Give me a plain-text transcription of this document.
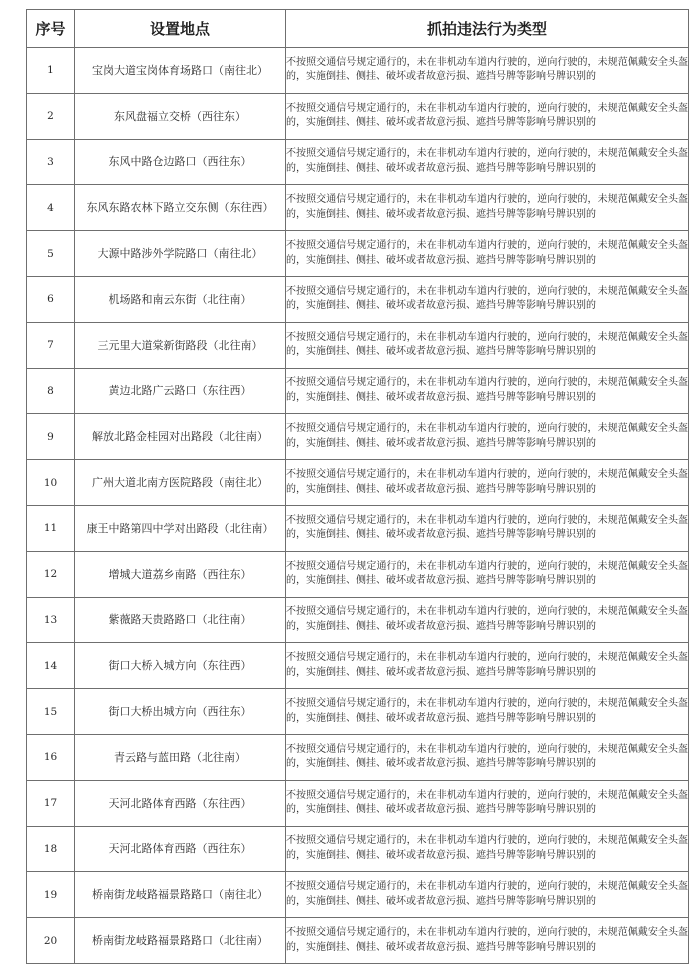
序号	设置地点	抓拍违法行为类型
1	宝岗大道宝岗体育场路口（南往北）	不按照交通信号规定通行的，未在非机动车道内行驶的，逆向行驶的，未规范佩戴安全头盔的，实施倒挂、侧挂、破坏或者故意污损、遮挡号牌等影响号牌识别的
2	东风盘福立交桥（西往东）	不按照交通信号规定通行的，未在非机动车道内行驶的，逆向行驶的，未规范佩戴安全头盔的，实施倒挂、侧挂、破坏或者故意污损、遮挡号牌等影响号牌识别的
3	东风中路仓边路口（西往东）	不按照交通信号规定通行的，未在非机动车道内行驶的，逆向行驶的，未规范佩戴安全头盔的，实施倒挂、侧挂、破坏或者故意污损、遮挡号牌等影响号牌识别的
4	东风东路农林下路立交东侧（东往西）	不按照交通信号规定通行的，未在非机动车道内行驶的，逆向行驶的，未规范佩戴安全头盔的，实施倒挂、侧挂、破坏或者故意污损、遮挡号牌等影响号牌识别的
5	大源中路涉外学院路口（南往北）	不按照交通信号规定通行的，未在非机动车道内行驶的，逆向行驶的，未规范佩戴安全头盔的，实施倒挂、侧挂、破坏或者故意污损、遮挡号牌等影响号牌识别的
6	机场路和南云东街（北往南）	不按照交通信号规定通行的，未在非机动车道内行驶的，逆向行驶的，未规范佩戴安全头盔的，实施倒挂、侧挂、破坏或者故意污损、遮挡号牌等影响号牌识别的
7	三元里大道棠新街路段（北往南）	不按照交通信号规定通行的，未在非机动车道内行驶的，逆向行驶的，未规范佩戴安全头盔的，实施倒挂、侧挂、破坏或者故意污损、遮挡号牌等影响号牌识别的
8	黄边北路广云路口（东往西）	不按照交通信号规定通行的，未在非机动车道内行驶的，逆向行驶的，未规范佩戴安全头盔的，实施倒挂、侧挂、破坏或者故意污损、遮挡号牌等影响号牌识别的
9	解放北路金桂园对出路段（北往南）	不按照交通信号规定通行的，未在非机动车道内行驶的，逆向行驶的，未规范佩戴安全头盔的，实施倒挂、侧挂、破坏或者故意污损、遮挡号牌等影响号牌识别的
10	广州大道北南方医院路段（南往北）	不按照交通信号规定通行的，未在非机动车道内行驶的，逆向行驶的，未规范佩戴安全头盔的，实施倒挂、侧挂、破坏或者故意污损、遮挡号牌等影响号牌识别的
11	康王中路第四中学对出路段（北往南）	不按照交通信号规定通行的，未在非机动车道内行驶的，逆向行驶的，未规范佩戴安全头盔的，实施倒挂、侧挂、破坏或者故意污损、遮挡号牌等影响号牌识别的
12	增城大道荔乡南路（西往东）	不按照交通信号规定通行的，未在非机动车道内行驶的，逆向行驶的，未规范佩戴安全头盔的，实施倒挂、侧挂、破坏或者故意污损、遮挡号牌等影响号牌识别的
13	紫薇路天贵路路口（北往南）	不按照交通信号规定通行的，未在非机动车道内行驶的，逆向行驶的，未规范佩戴安全头盔的，实施倒挂、侧挂、破坏或者故意污损、遮挡号牌等影响号牌识别的
14	街口大桥入城方向（东往西）	不按照交通信号规定通行的，未在非机动车道内行驶的，逆向行驶的，未规范佩戴安全头盔的，实施倒挂、侧挂、破坏或者故意污损、遮挡号牌等影响号牌识别的
15	街口大桥出城方向（西往东）	不按照交通信号规定通行的，未在非机动车道内行驶的，逆向行驶的，未规范佩戴安全头盔的，实施倒挂、侧挂、破坏或者故意污损、遮挡号牌等影响号牌识别的
16	青云路与蓝田路（北往南）	不按照交通信号规定通行的，未在非机动车道内行驶的，逆向行驶的，未规范佩戴安全头盔的，实施倒挂、侧挂、破坏或者故意污损、遮挡号牌等影响号牌识别的
17	天河北路体育西路（东往西）	不按照交通信号规定通行的，未在非机动车道内行驶的，逆向行驶的，未规范佩戴安全头盔的，实施倒挂、侧挂、破坏或者故意污损、遮挡号牌等影响号牌识别的
18	天河北路体育西路（西往东）	不按照交通信号规定通行的，未在非机动车道内行驶的，逆向行驶的，未规范佩戴安全头盔的，实施倒挂、侧挂、破坏或者故意污损、遮挡号牌等影响号牌识别的
19	桥南街龙岐路福景路路口（南往北）	不按照交通信号规定通行的，未在非机动车道内行驶的，逆向行驶的，未规范佩戴安全头盔的，实施倒挂、侧挂、破坏或者故意污损、遮挡号牌等影响号牌识别的
20	桥南街龙岐路福景路路口（北往南）	不按照交通信号规定通行的，未在非机动车道内行驶的，逆向行驶的，未规范佩戴安全头盔的，实施倒挂、侧挂、破坏或者故意污损、遮挡号牌等影响号牌识别的
